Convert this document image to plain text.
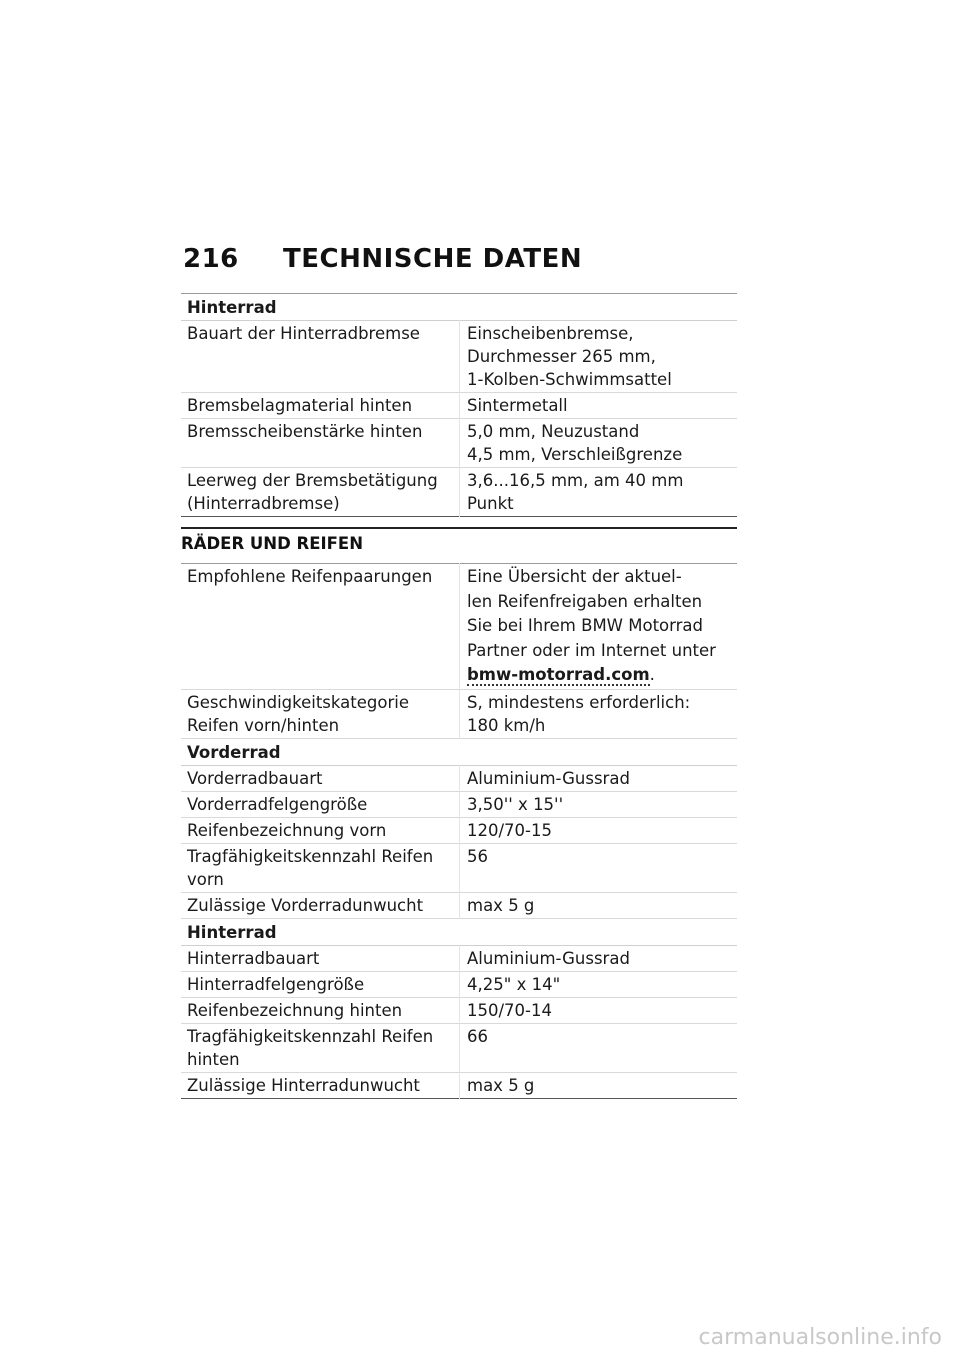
216 TECHNISCHE DATEN
Hinterrad	
Bauart der Hinterradbremse	Einscheibenbremse,
Durchmesser 265 mm,
1-Kolben-Schwimmsattel
Bremsbelagmaterial hinten	Sintermetall
Bremsscheibenstärke hinten	5,0 mm, Neuzustand
4,5 mm, Verschleißgrenze
Leerweg der Bremsbetätigung
(Hinterradbremse)	3,6...16,5 mm, am 40 mm
Punkt
RÄDER UND REIFEN
Empfohlene Reifenpaarungen	Eine Übersicht der aktuel-
len Reifenfreigaben erhalten
Sie bei Ihrem BMW Motorrad
Partner oder im Internet unter
bmw-motorrad.com.
Geschwindigkeitskategorie
Reifen vorn/hinten	S, mindestens erforderlich:
180 km/h
Vorderrad	
Vorderradbauart	Aluminium-Gussrad
Vorderradfelgengröße	3,50'' x 15''
Reifenbezeichnung vorn	120/70-15
Tragfähigkeitskennzahl Reifen
vorn	56
Zulässige Vorderradunwucht	max 5 g
Hinterrad	
Hinterradbauart	Aluminium-Gussrad
Hinterradfelgengröße	4,25" x 14"
Reifenbezeichnung hinten	150/70-14
Tragfähigkeitskennzahl Reifen
hinten	66
Zulässige Hinterradunwucht	max 5 g
carmanualsonline.info
